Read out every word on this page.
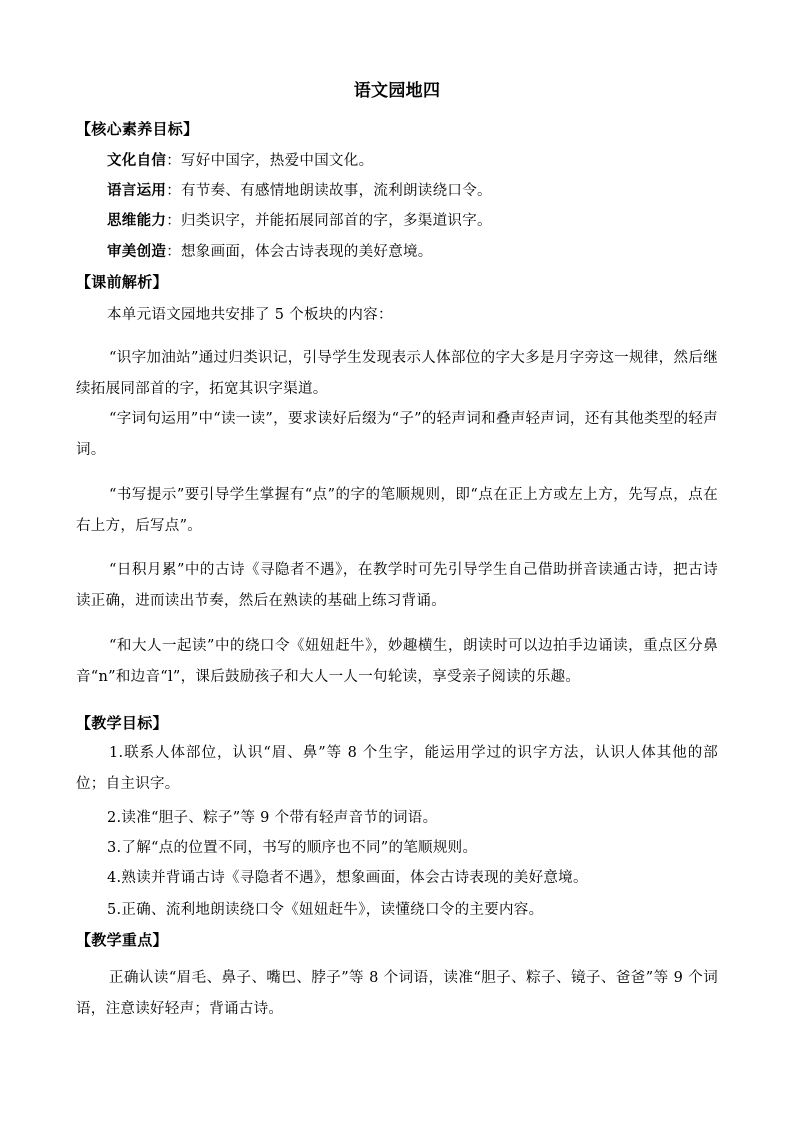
语文园地四
【核心素养目标】
文化自信：写好中国字，热爱中国文化。
语言运用：有节奏、有感情地朗读故事，流利朗读绕口令。
思维能力：归类识字，并能拓展同部首的字，多渠道识字。
审美创造：想象画面，体会古诗表现的美好意境。
【课前解析】
本单元语文园地共安排了 5 个板块的内容：
“识字加油站”通过归类识记，引导学生发现表示人体部位的字大多是月字旁这一规律，然后继续拓展同部首的字，拓宽其识字渠道。
“字词句运用”中“读一读”，要求读好后缀为“子”的轻声词和叠声轻声词，还有其他类型的轻声词。
“书写提示”要引导学生掌握有“点”的字的笔顺规则，即“点在正上方或左上方，先写点，点在右上方，后写点”。
“日积月累”中的古诗《寻隐者不遇》，在教学时可先引导学生自己借助拼音读通古诗，把古诗读正确，进而读出节奏，然后在熟读的基础上练习背诵。
“和大人一起读”中的绕口令《妞妞赶牛》，妙趣横生，朗读时可以边拍手边诵读，重点区分鼻音“n”和边音“l”，课后鼓励孩子和大人一人一句轮读，享受亲子阅读的乐趣。
【教学目标】
1.联系人体部位，认识“眉、鼻”等 8 个生字，能运用学过的识字方法，认识人体其他的部位；自主识字。
2.读准“胆子、粽子”等 9 个带有轻声音节的词语。
3.了解“点的位置不同，书写的顺序也不同”的笔顺规则。
4.熟读并背诵古诗《寻隐者不遇》，想象画面，体会古诗表现的美好意境。
5.正确、流利地朗读绕口令《妞妞赶牛》，读懂绕口令的主要内容。
【教学重点】
正确认读“眉毛、鼻子、嘴巴、脖子”等 8 个词语，读准“胆子、粽子、镜子、爸爸”等 9 个词语，注意读好轻声；背诵古诗。
